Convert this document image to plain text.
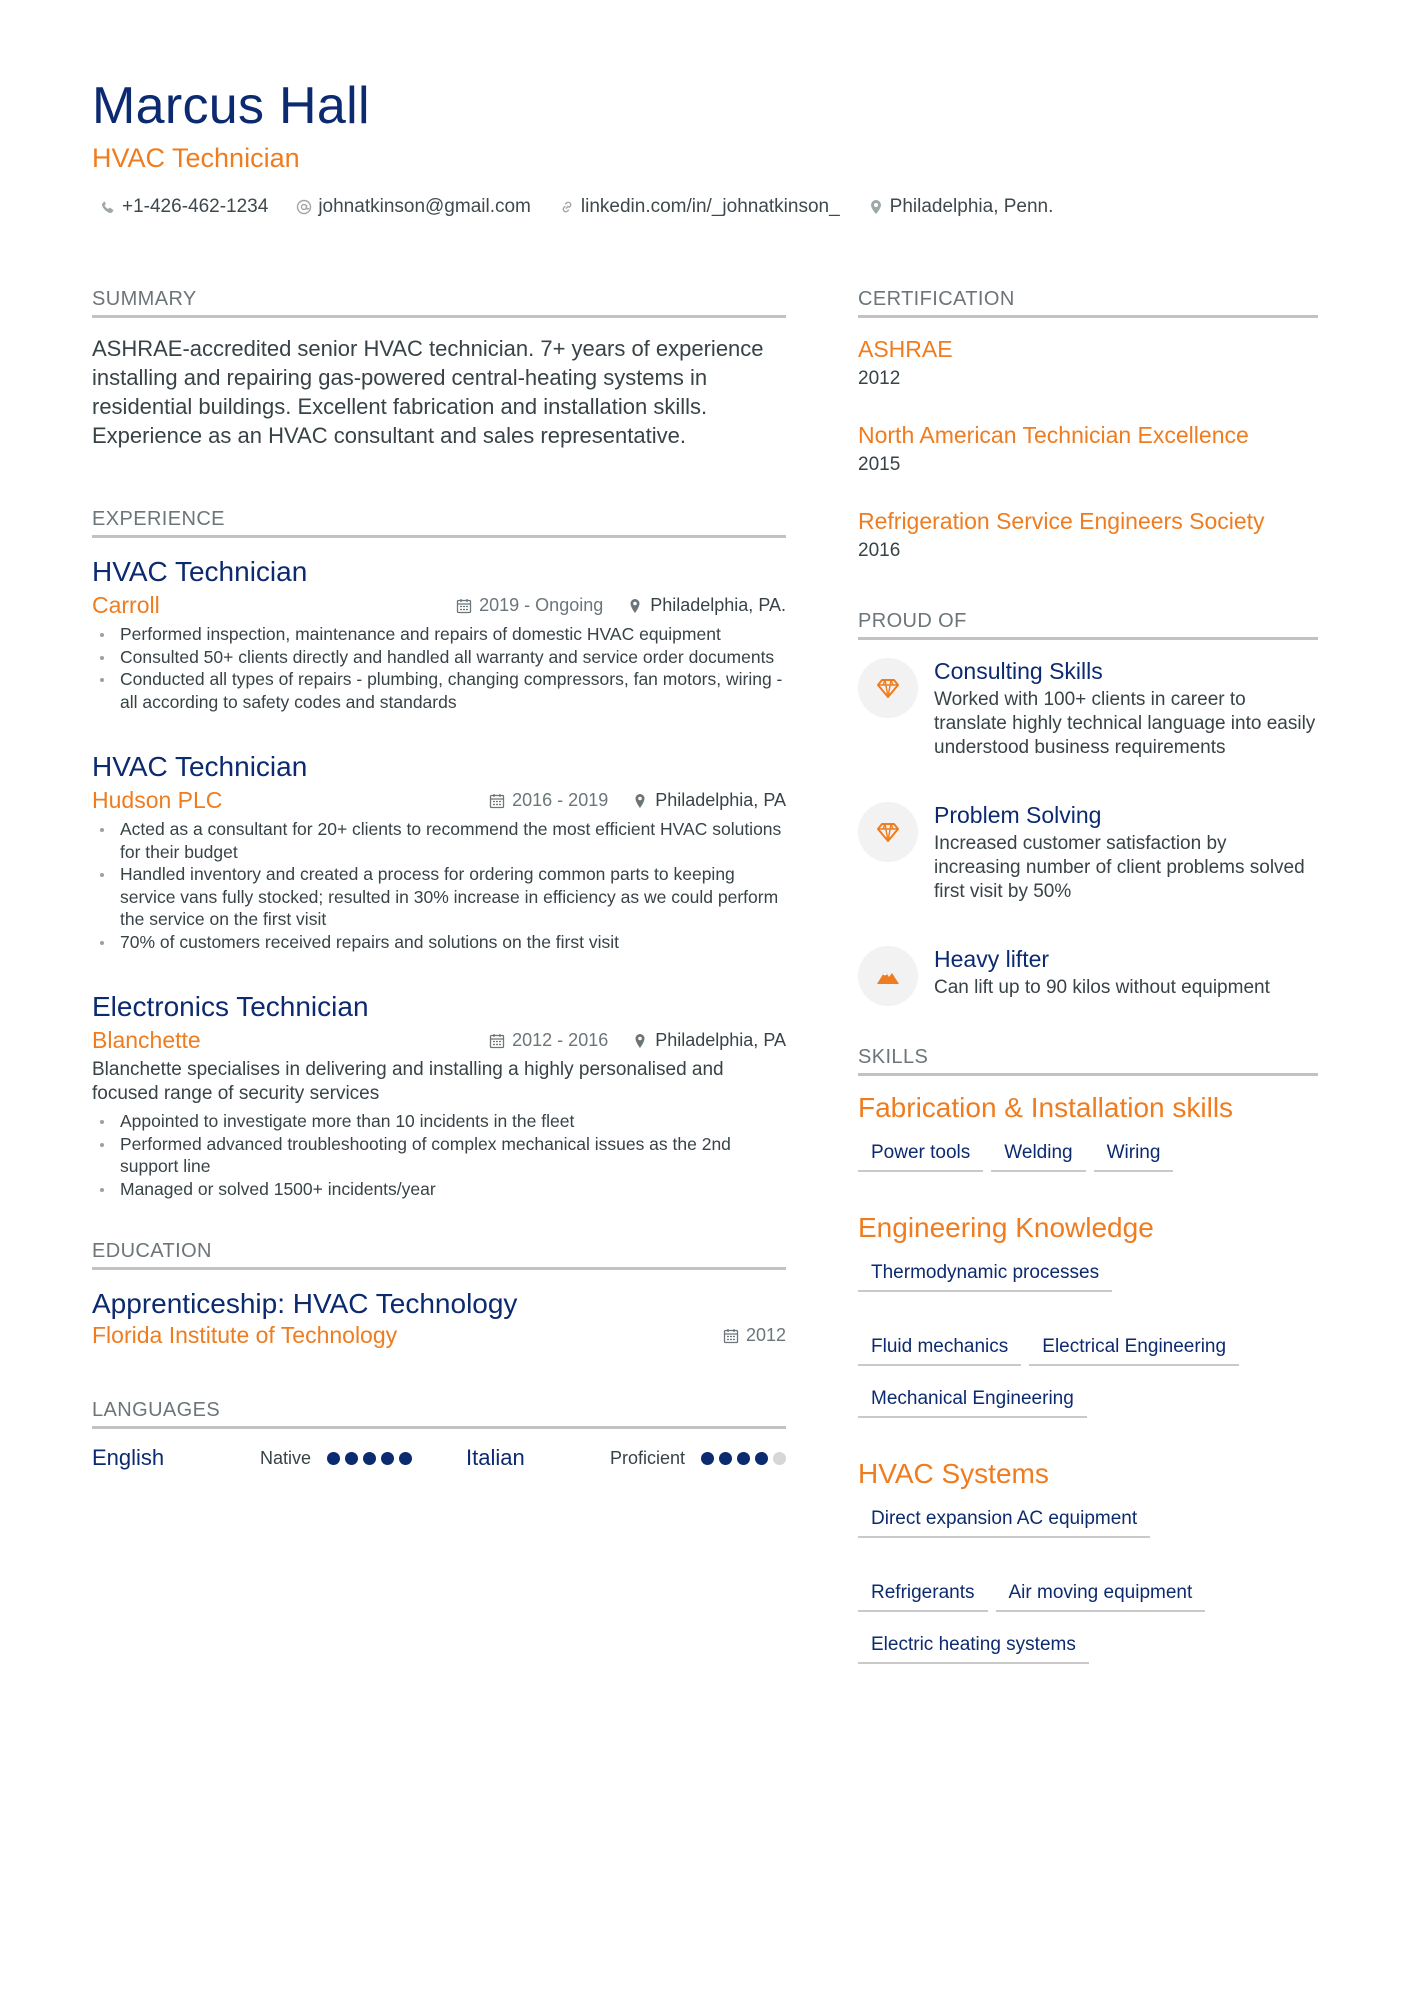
Marcus Hall
HVAC Technician
+1-426-462-1234	johnatkinson@gmail.com	linkedin.com/in/_johnatkinson_	Philadelphia, Penn.
SUMMARY
ASHRAE-accredited senior HVAC technician. 7+ years of experience installing and repairing gas-powered central-heating systems in residential buildings. Excellent fabrication and installation skills. Experience as an HVAC consultant and sales representative.
EXPERIENCE
HVAC Technician
Carroll	2019 - Ongoing	Philadelphia, PA.
Performed inspection, maintenance and repairs of domestic HVAC equipment
Consulted 50+ clients directly and handled all warranty and service order documents
Conducted all types of repairs - plumbing, changing compressors, fan motors, wiring - all according to safety codes and standards
HVAC Technician
Hudson PLC	2016 - 2019	Philadelphia, PA
Acted as a consultant for 20+ clients to recommend the most efficient HVAC solutions for their budget
Handled inventory and created a process for ordering common parts to keeping service vans fully stocked; resulted in 30% increase in efficiency as we could perform the service on the first visit
70% of customers received repairs and solutions on the first visit
Electronics Technician
Blanchette	2012 - 2016	Philadelphia, PA
Blanchette specialises in delivering and installing a highly personalised and focused range of security services
Appointed to investigate more than 10 incidents in the fleet
Performed advanced troubleshooting of complex mechanical issues as the 2nd support line
Managed or solved 1500+ incidents/year
EDUCATION
Apprenticeship: HVAC Technology
Florida Institute of Technology	2012
LANGUAGES
English	Native	Italian	Proficient
CERTIFICATION
ASHRAE
2012
North American Technician Excellence
2015
Refrigeration Service Engineers Society
2016
PROUD OF
Consulting Skills
Worked with 100+ clients in career to translate highly technical language into easily understood business requirements
Problem Solving
Increased customer satisfaction by increasing number of client problems solved first visit by 50%
Heavy lifter
Can lift up to 90 kilos without equipment
SKILLS
Fabrication & Installation skills
Power tools	Welding	Wiring
Engineering Knowledge
Thermodynamic processes
Fluid mechanics	Electrical Engineering
Mechanical Engineering
HVAC Systems
Direct expansion AC equipment
Refrigerants	Air moving equipment
Electric heating systems
